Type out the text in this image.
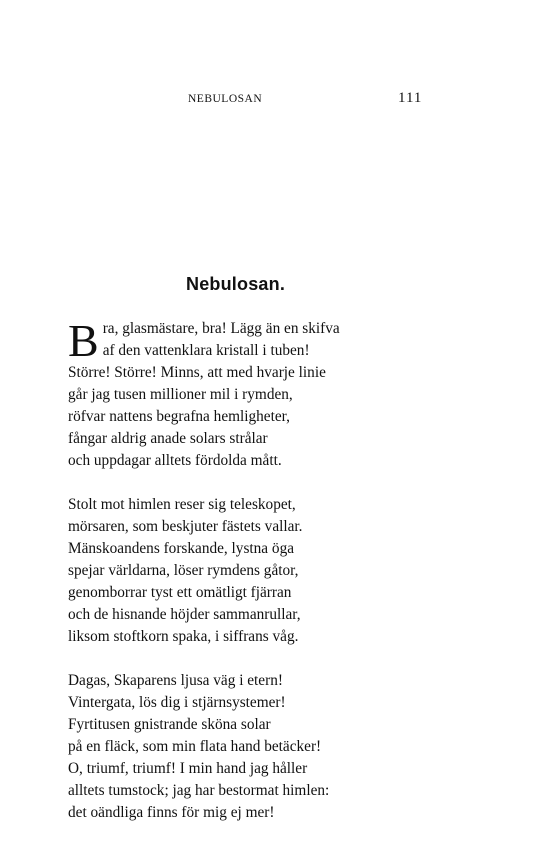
NEBULOSAN	111
Nebulosan.
B ra, glasmästare, bra! Lägg än en skifva
af den vattenklara kristall i tuben!
Större! Större! Minns, att med hvarje linie
går jag tusen millioner mil i rymden,
röfvar nattens begrafna hemligheter,
fångar aldrig anade solars strålar
och uppdagar alltets fördolda mått.
Stolt mot himlen reser sig teleskopet,
mörsaren, som beskjuter fästets vallar.
Mänskoandens forskande, lystna öga
spejar världarna, löser rymdens gåtor,
genomborrar tyst ett omätligt fjärran
och de hisnande höjder sammanrullar,
liksom stoftkorn spaka, i siffrans våg.
Dagas, Skaparens ljusa väg i etern!
Vintergata, lös dig i stjärnsystemer!
Fyrtitusen gnistrande sköna solar
på en fläck, som min flata hand betäcker!
O, triumf, triumf! I min hand jag håller
alltets tumstock; jag har bestormat himlen:
det oändliga finns för mig ej mer!
